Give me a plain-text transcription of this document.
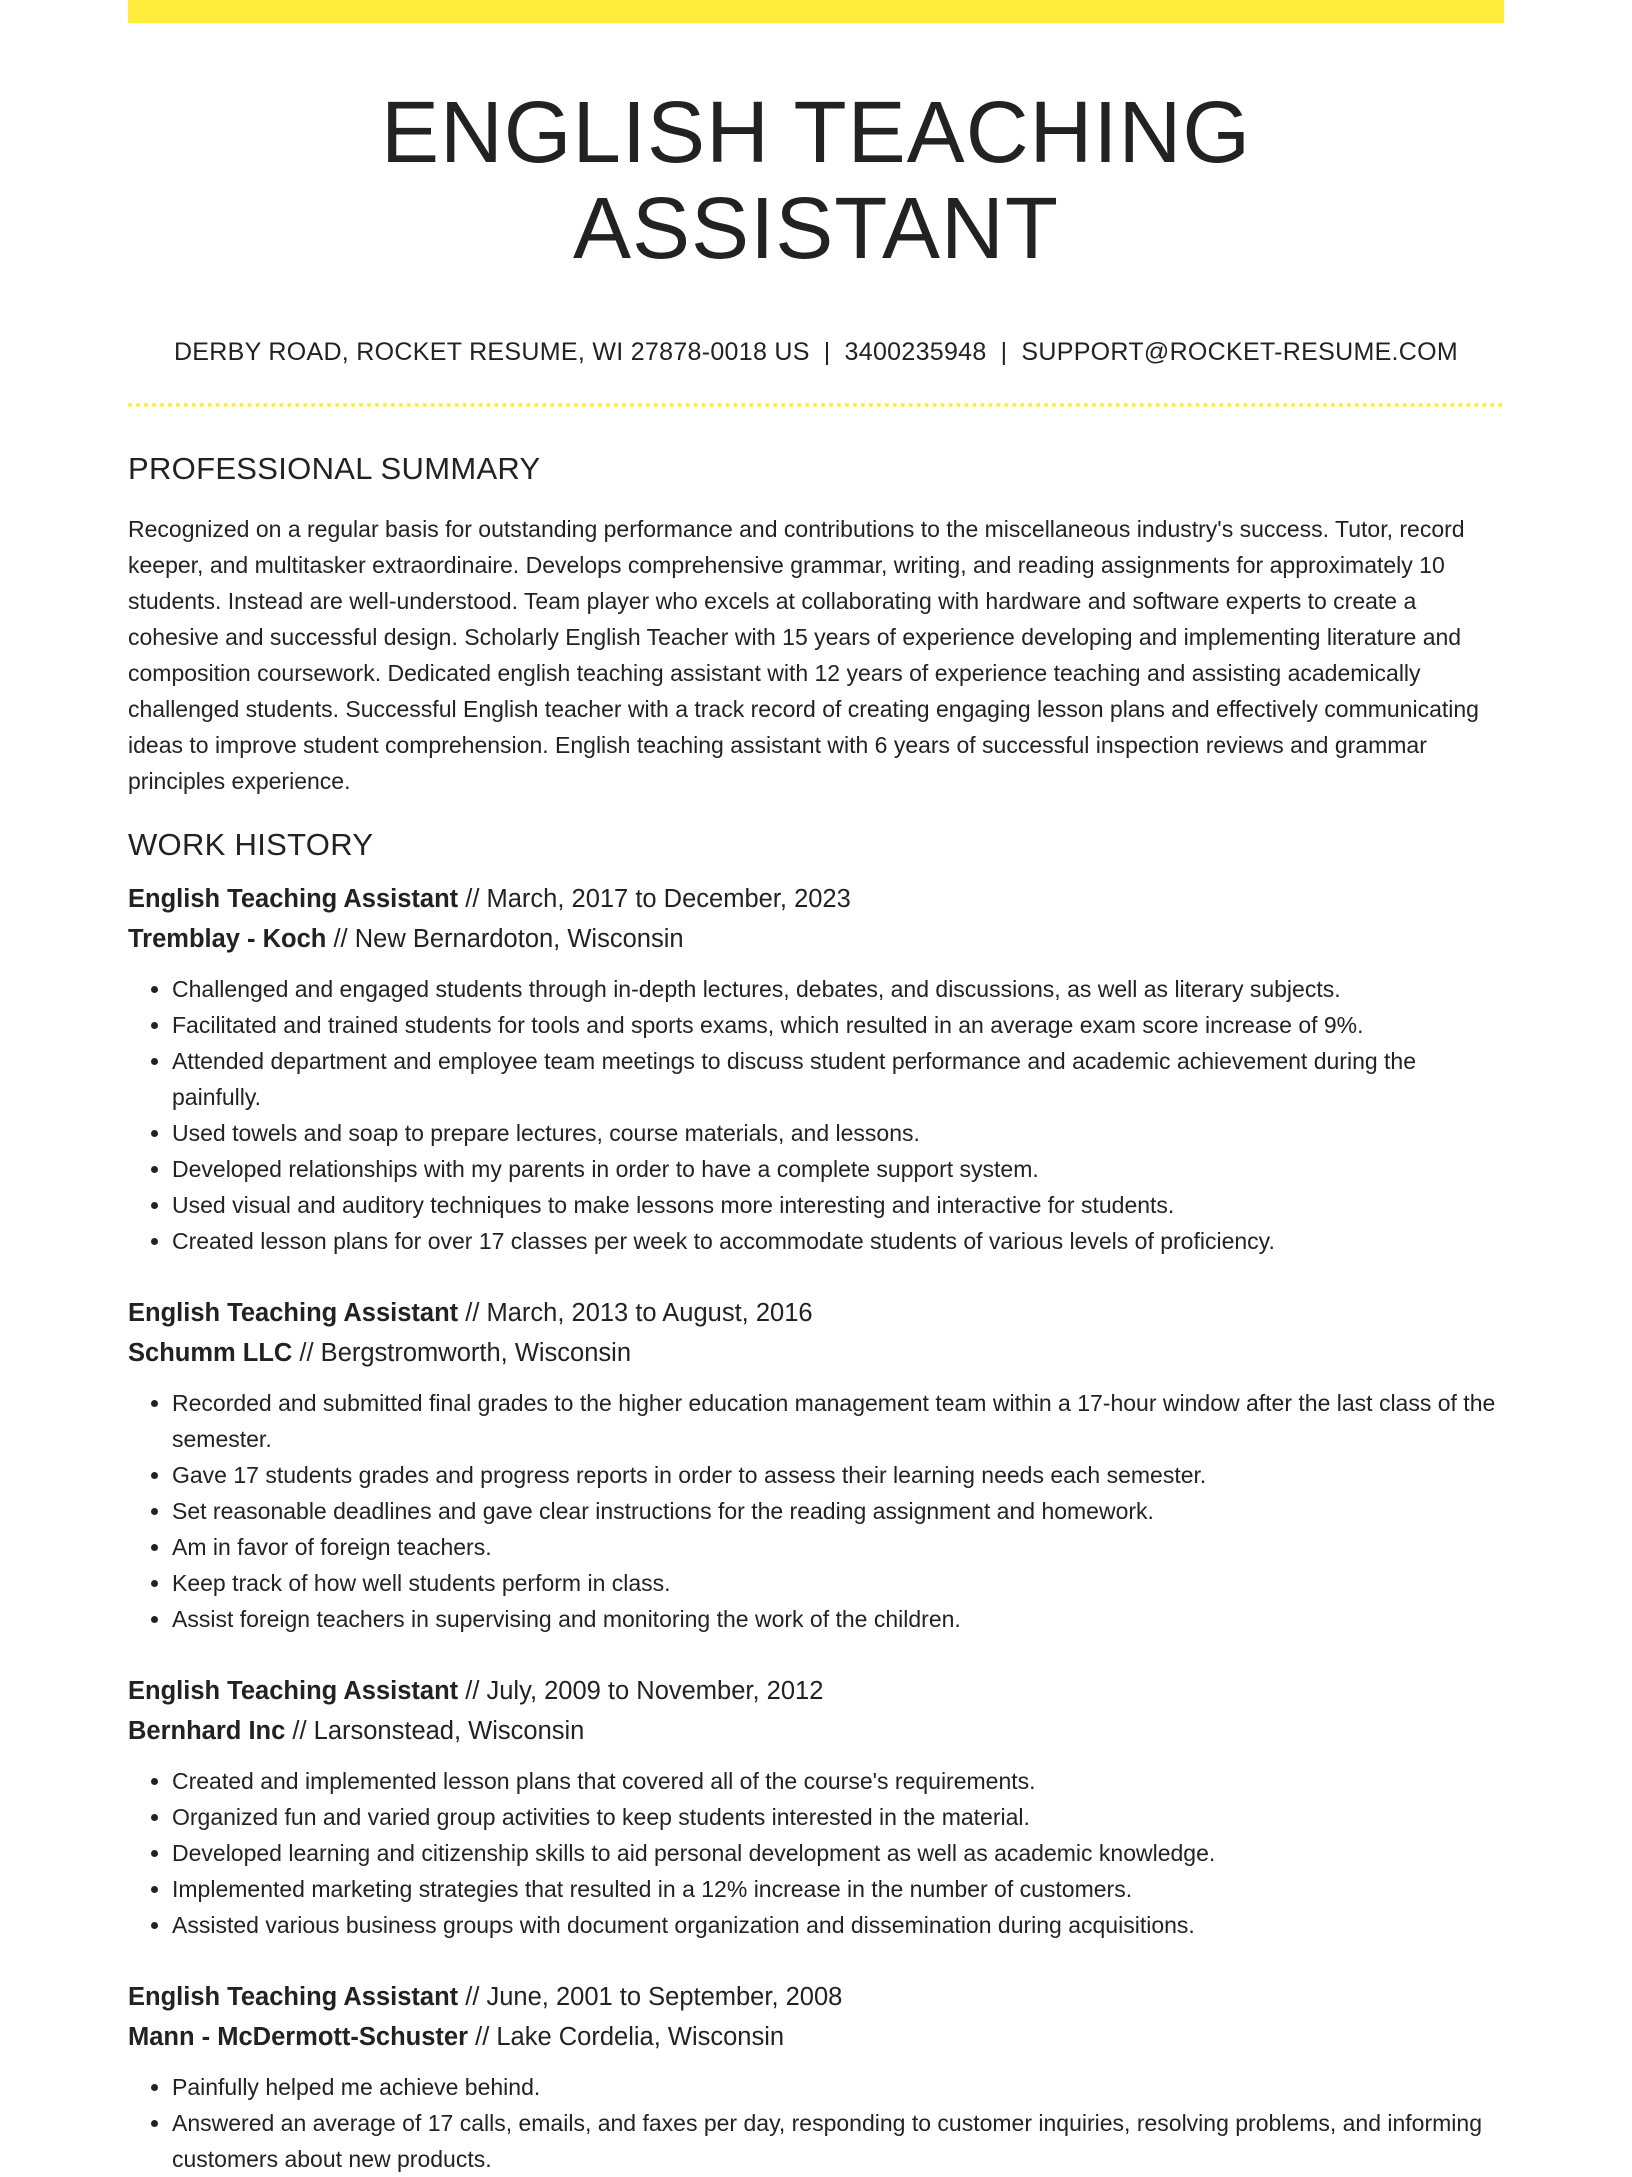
ENGLISH TEACHING ASSISTANT
DERBY ROAD, ROCKET RESUME, WI 27878-0018 US | 3400235948 | SUPPORT@ROCKET-RESUME.COM
PROFESSIONAL SUMMARY

Recognized on a regular basis for outstanding performance and contributions to the miscellaneous industry's success. Tutor, record keeper, and multitasker extraordinaire. Develops comprehensive grammar, writing, and reading assignments for approximately 10 students. Instead are well-understood. Team player who excels at collaborating with hardware and software experts to create a cohesive and successful design. Scholarly English Teacher with 15 years of experience developing and implementing literature and composition coursework. Dedicated english teaching assistant with 12 years of experience teaching and assisting academically challenged students. Successful English teacher with a track record of creating engaging lesson plans and effectively communicating ideas to improve student comprehension. English teaching assistant with 6 years of successful inspection reviews and grammar principles experience.

WORK HISTORY
English Teaching Assistant // March, 2017 to December, 2023
Tremblay - Koch // New Bernardoton, Wisconsin
• Challenged and engaged students through in-depth lectures, debates, and discussions, as well as literary subjects.
• Facilitated and trained students for tools and sports exams, which resulted in an average exam score increase of 9%.
• Attended department and employee team meetings to discuss student performance and academic achievement during the painfully.
• Used towels and soap to prepare lectures, course materials, and lessons.
• Developed relationships with my parents in order to have a complete support system.
• Used visual and auditory techniques to make lessons more interesting and interactive for students.
• Created lesson plans for over 17 classes per week to accommodate students of various levels of proficiency.
English Teaching Assistant // March, 2013 to August, 2016
Schumm LLC // Bergstromworth, Wisconsin
• Recorded and submitted final grades to the higher education management team within a 17-hour window after the last class of the semester.
• Gave 17 students grades and progress reports in order to assess their learning needs each semester.
• Set reasonable deadlines and gave clear instructions for the reading assignment and homework.
• Am in favor of foreign teachers.
• Keep track of how well students perform in class.
• Assist foreign teachers in supervising and monitoring the work of the children.
English Teaching Assistant // July, 2009 to November, 2012
Bernhard Inc // Larsonstead, Wisconsin
• Created and implemented lesson plans that covered all of the course's requirements.
• Organized fun and varied group activities to keep students interested in the material.
• Developed learning and citizenship skills to aid personal development as well as academic knowledge.
• Implemented marketing strategies that resulted in a 12% increase in the number of customers.
• Assisted various business groups with document organization and dissemination during acquisitions.
English Teaching Assistant // June, 2001 to September, 2008
Mann - McDermott-Schuster // Lake Cordelia, Wisconsin
• Painfully helped me achieve behind.
• Answered an average of 17 calls, emails, and faxes per day, responding to customer inquiries, resolving problems, and informing customers about new products.
